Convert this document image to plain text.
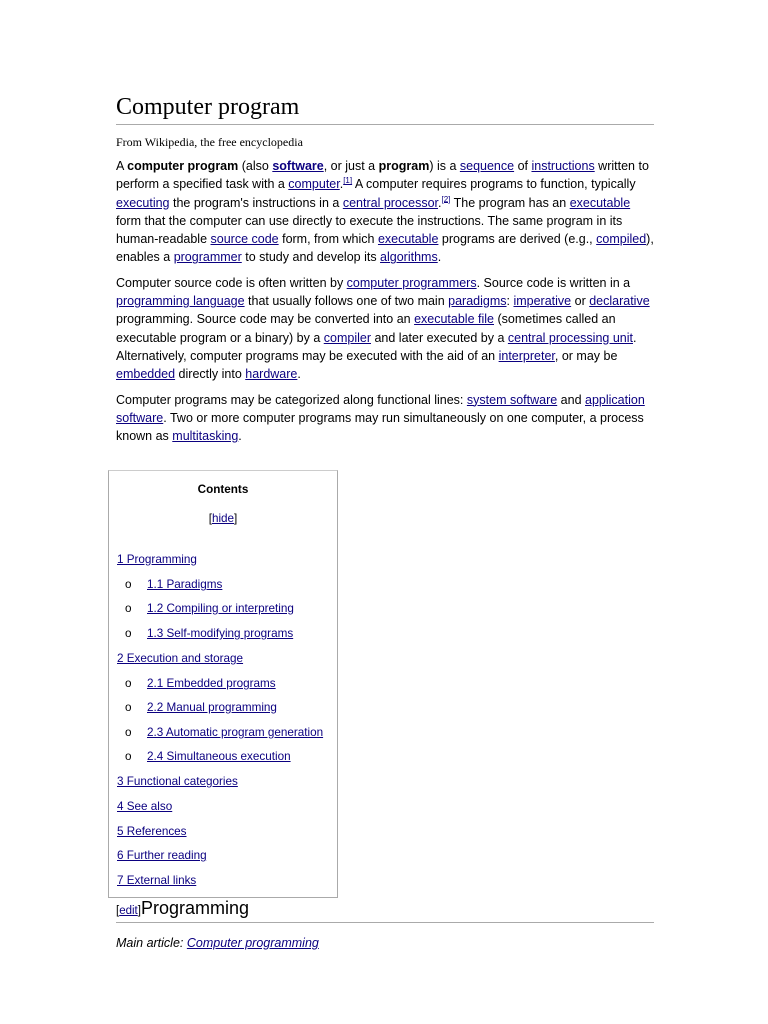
Computer program
From Wikipedia, the free encyclopedia

A computer program (also software, or just a program) is a sequence of instructions written to perform a specified task with a computer.[1] A computer requires programs to function, typically executing the program's instructions in a central processor.[2] The program has an executable form that the computer can use directly to execute the instructions. The same program in its human-readable source code form, from which executable programs are derived (e.g., compiled), enables a programmer to study and develop its algorithms.

Computer source code is often written by computer programmers. Source code is written in a programming language that usually follows one of two main paradigms: imperative or declarative programming. Source code may be converted into an executable file (sometimes called an executable program or a binary) by a compiler and later executed by a central processing unit. Alternatively, computer programs may be executed with the aid of an interpreter, or may be embedded directly into hardware.

Computer programs may be categorized along functional lines: system software and application software. Two or more computer programs may run simultaneously on one computer, a process known as multitasking.

Contents
[hide]
1 Programming
o 1.1 Paradigms
o 1.2 Compiling or interpreting
o 1.3 Self-modifying programs
2 Execution and storage
o 2.1 Embedded programs
o 2.2 Manual programming
o 2.3 Automatic program generation
o 2.4 Simultaneous execution
3 Functional categories
4 See also
5 References
6 Further reading
7 External links
[edit]Programming
Main article: Computer programming
